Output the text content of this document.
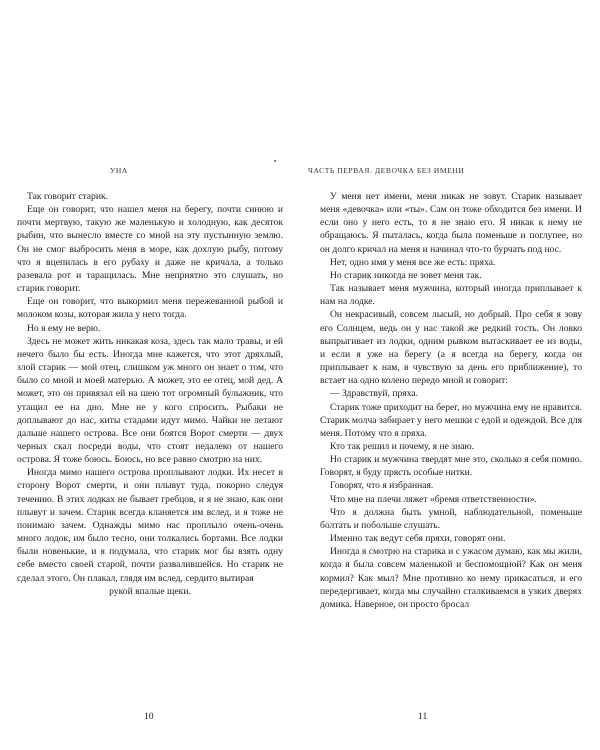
УНА

Так говорит старик.

Еще он говорит, что нашел меня на берегу, почти синюю и почти мертвую, такую же маленькую и холодную, как десяток рыбин, что вынесло вместе со мной на эту пустынную землю. Он не смог выбросить меня в море, как дохлую рыбу, потому что я вцепилась в его рубаху и даже не кричала, а только разевала рот и таращилась. Мне неприятно это слушать, но старик говорит.

Еще он говорит, что выкормил меня пережеванной рыбой и молоком козы, которая жила у него тогда.

Но я ему не верю.

Здесь не может жить никакая коза, здесь так мало травы, и ей нечего было бы есть. Иногда мне кажется, что этот дряхлый, злой старик — мой отец, слишком уж много он знает о том, что было со мной и моей матерью. А может, это ее отец, мой дед. А может, это он привязал ей на шею тот огромный булыжник, что утащил ее на дно. Мне не у кого спросить. Рыбаки не доплывают до нас, киты стадами идут мимо. Чайки не летают дальше нашего острова. Все они боятся Ворот смерти — двух черных скал посреди воды, что стоят недалеко от нашего острова. Я тоже боюсь. Боюсь, но все равно смотрю на них.

Иногда мимо нашего острова проплывают лодки. Их несет в сторону Ворот смерти, и они плывут туда, покорно следуя течению. В этих лодках не бывает гребцов, и я не знаю, как они плывут и зачем. Старик всегда кланяется им вслед, и я тоже не понимаю зачем. Однажды мимо нас проплыло очень-очень много лодок, им было тесно, они толкались бортами. Все лодки были новенькие, и я подумала, что старик мог бы взять одну себе вместо своей старой, почти развалившейся. Но старик не сделал этого. Он плакал, глядя им вслед, сердито вытирая

рукой впалые щеки.

10
ЧАСТЬ ПЕРВАЯ. ДЕВОЧКА БЕЗ ИМЕНИ

У меня нет имени, меня никак не зовут. Старик называет меня «девочка» или «ты». Сам он тоже обходится без имени. И если оно у него есть, то я не знаю его. Я никак к нему не обращаюсь. Я пыталась, когда была поменьше и поглупее, но он долго кричал на меня и начинал что-то бурчать под нос.

Нет, одно имя у меня все же есть: пряха.

Но старик никогда не зовет меня так.

Так называет меня мужчина, который иногда приплывает к нам на лодке.

Он некрасивый, совсем лысый, но добрый. Про себя я зову его Солнцем, ведь он у нас такой же редкий гость. Он ловко выпрыгивает из лодки, одним рывком вытаскивает ее из воды, и если я уже на берегу (а я всегда на берегу, когда он приплывает к нам, я чувствую за день его приближение), то встает на одно колено передо мной и говорит:

— Здравствуй, пряха.

Старик тоже приходит на берег, но мужчина ему не нравится. Старик молча забирает у него мешки с едой и одеждой. Все для меня. Потому что я пряха.

Кто так решил и почему, я не знаю.

Но старик и мужчина твердят мне это, сколько я себя помню. Говорят, я буду прясть особые нитки.

Говорят, что я избранная.

Что мне на плечи ляжет «бремя ответственности».

Что я должна быть умной, наблюдательной, поменьше болтать и побольше слушать.

Именно так ведут себя пряхи, говорят они.

Иногда я смотрю на старика и с ужасом думаю, как мы жили, когда я была совсем маленькой и беспомощной? Как он меня кормил? Как мыл? Мне противно ко нему прикасаться, и его передергивает, когда мы случайно сталкиваемся в узких дверях домика. Наверное, он просто бросал

11
